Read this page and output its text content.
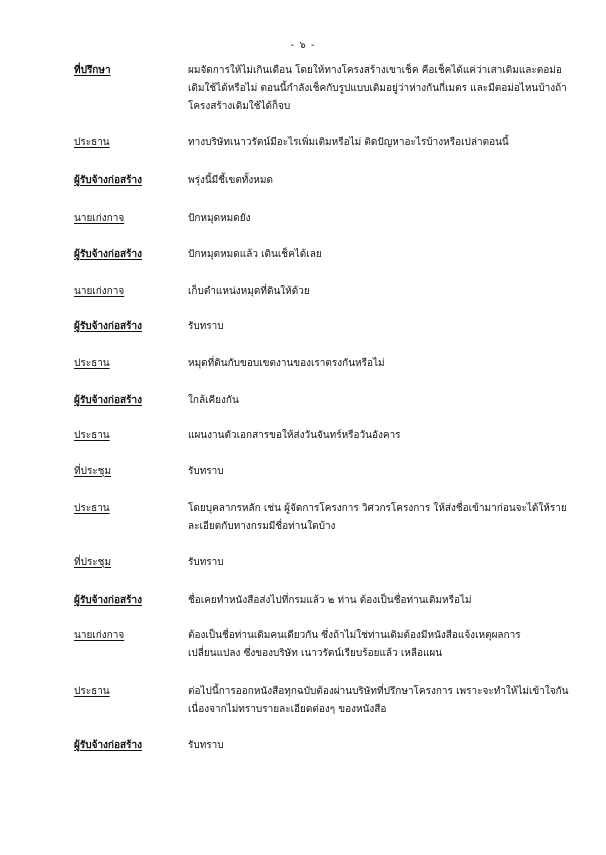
- ๖ -
ที่ปรึกษา	ผมจัดการให้ไม่เกินเดือน โดยให้ทางโครงสร้างเขาเช็ค คือเช็คได้แค่ว่าเสาเดิมและตอม่อเดิมใช้ได้หรือไม่ ตอนนี้กำลังเช็คกับรูปแบบเดิมอยู่ว่าห่างกันกี่เมตร และมีตอม่อไหนบ้างถ้าโครงสร้างเดิมใช้ได้ก็จบ
ประธาน	ทางบริษัทเนาวรัตน์มีอะไรเพิ่มเติมหรือไม่ ติดปัญหาอะไรบ้างหรือเปล่าตอนนี้
ผู้รับจ้างก่อสร้าง	พรุ่งนี้มีชี้เขตทั้งหมด
นายเก่งกาจ	ปักหมุดหมดยัง
ผู้รับจ้างก่อสร้าง	ปักหมุดหมดแล้ว เดินเช็คได้เลย
นายเก่งกาจ	เก็บตำแหน่งหมุดที่ดินให้ด้วย
ผู้รับจ้างก่อสร้าง	รับทราบ
ประธาน	หมุดที่ดินกับขอบเขตงานของเราตรงกันหรือไม่
ผู้รับจ้างก่อสร้าง	ใกล้เคียงกัน
ประธาน	แผนงานตัวเอกสารขอให้ส่งวันจันทร์หรือวันอังคาร
ที่ประชุม	รับทราบ
ประธาน	โดยบุคลากรหลัก เช่น ผู้จัดการโครงการ วิศวกรโครงการ ให้ส่งชื่อเข้ามาก่อนจะได้ให้รายละเอียดกับทางกรมมีชื่อท่านใดบ้าง
ที่ประชุม	รับทราบ
ผู้รับจ้างก่อสร้าง	ชื่อเคยทำหนังสือส่งไปที่กรมแล้ว ๒ ท่าน ต้องเป็นชื่อท่านเดิมหรือไม่
นายเก่งกาจ	ต้องเป็นชื่อท่านเดิมคนเดียวกัน ซึ่งถ้าไม่ใช่ท่านเดิมต้องมีหนังสือแจ้งเหตุผลการเปลี่ยนแปลง ซึ่งของบริษัท เนาวรัตน์เรียบร้อยแล้ว เหลือแผน
ประธาน	ต่อไปนี้การออกหนังสือทุกฉบับต้องผ่านบริษัทที่ปรึกษาโครงการ เพราะจะทำให้ไม่เข้าใจกันเนื่องจากไม่ทราบรายละเอียดต่องๆ ของหนังสือ
ผู้รับจ้างก่อสร้าง	รับทราบ
